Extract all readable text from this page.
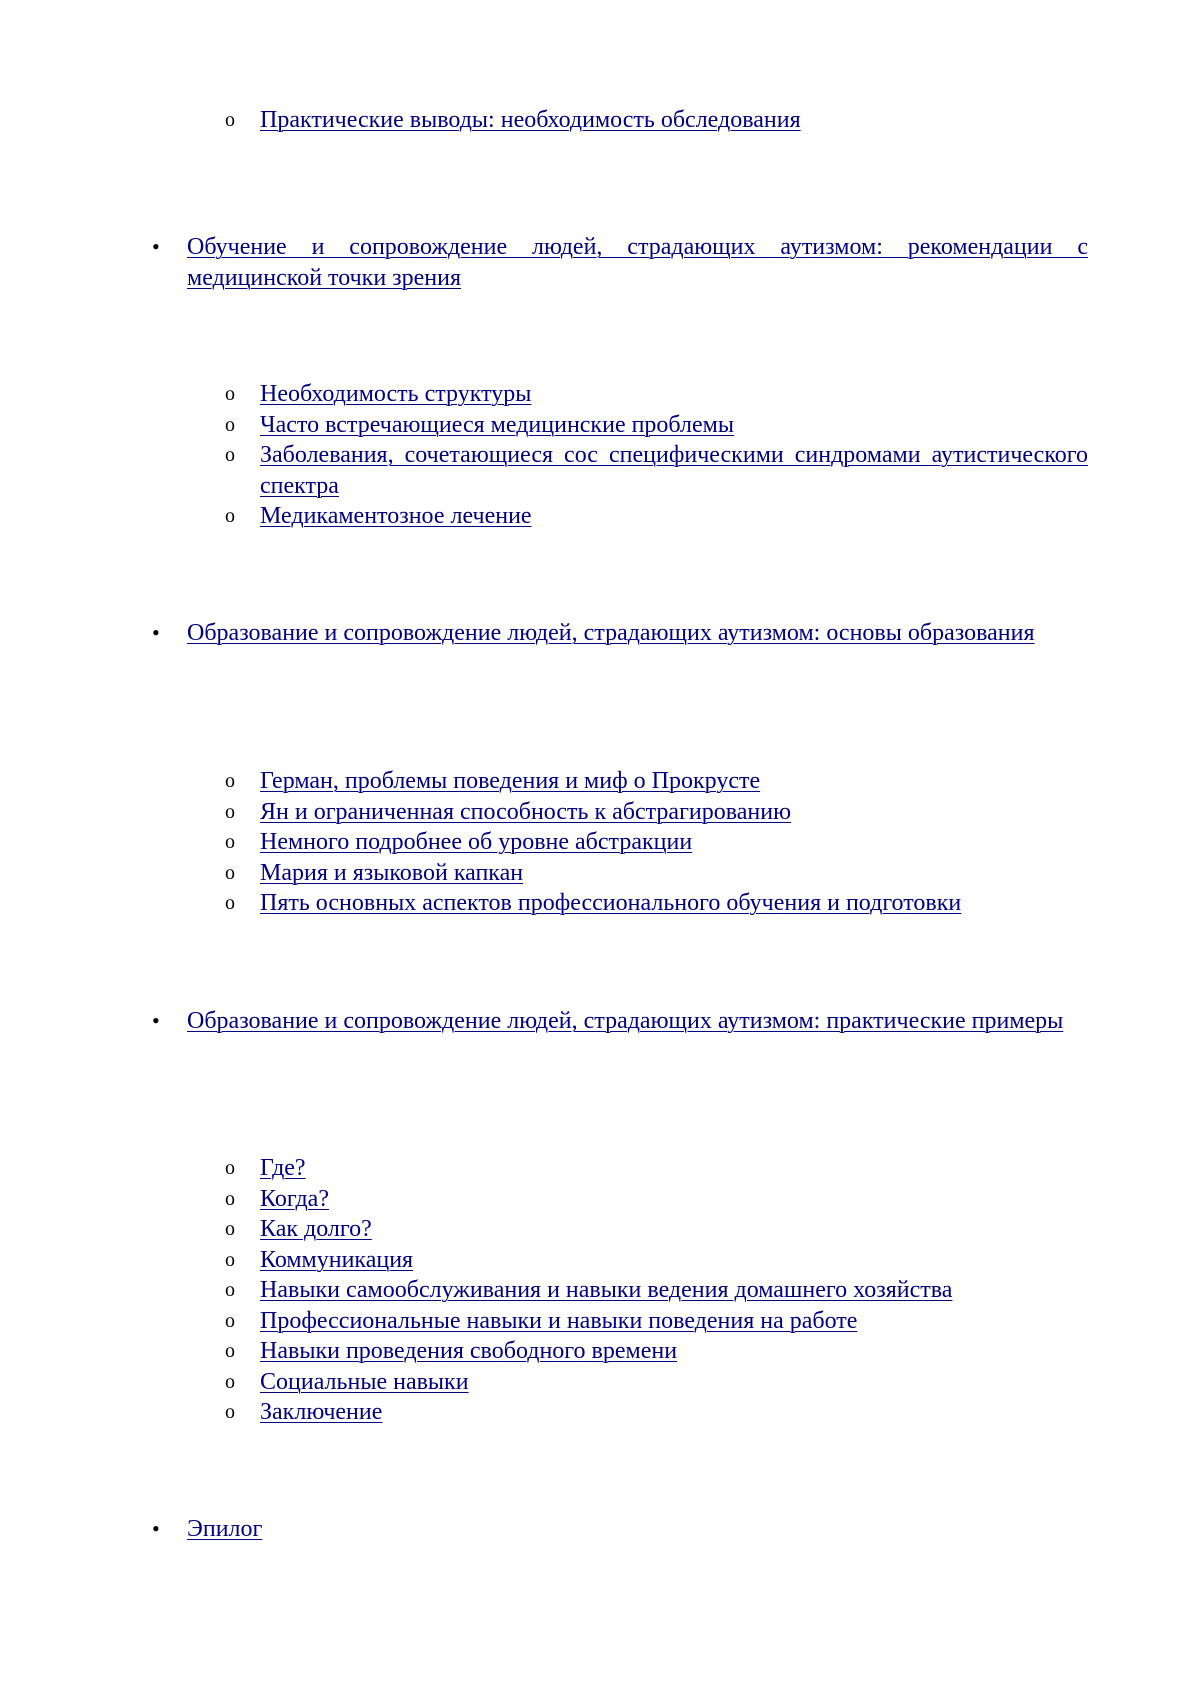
o Практические выводы: необходимость обследования
• Обучение и сопровождение людей, страдающих аутизмом: рекомендации с медицинской точки зрения
o Необходимость структуры
o Часто встречающиеся медицинские проблемы
o Заболевания, сочетающиеся сос специфическими синдромами аутистического спектра
o Медикаментозное лечение
• Образование и сопровождение людей, страдающих аутизмом: основы образования
o Герман, проблемы поведения и миф о Прокрусте
o Ян и ограниченная способность к абстрагированию
o Немного подробнее об уровне абстракции
o Мария и языковой капкан
o Пять основных аспектов профессионального обучения и подготовки
• Образование и сопровождение людей, страдающих аутизмом: практические примеры
o Где?
o Когда?
o Как долго?
o Коммуникация
o Навыки самообслуживания и навыки ведения домашнего хозяйства
o Профессиональные навыки и навыки поведения на работе
o Навыки проведения свободного времени
o Социальные навыки
o Заключение
• Эпилог
